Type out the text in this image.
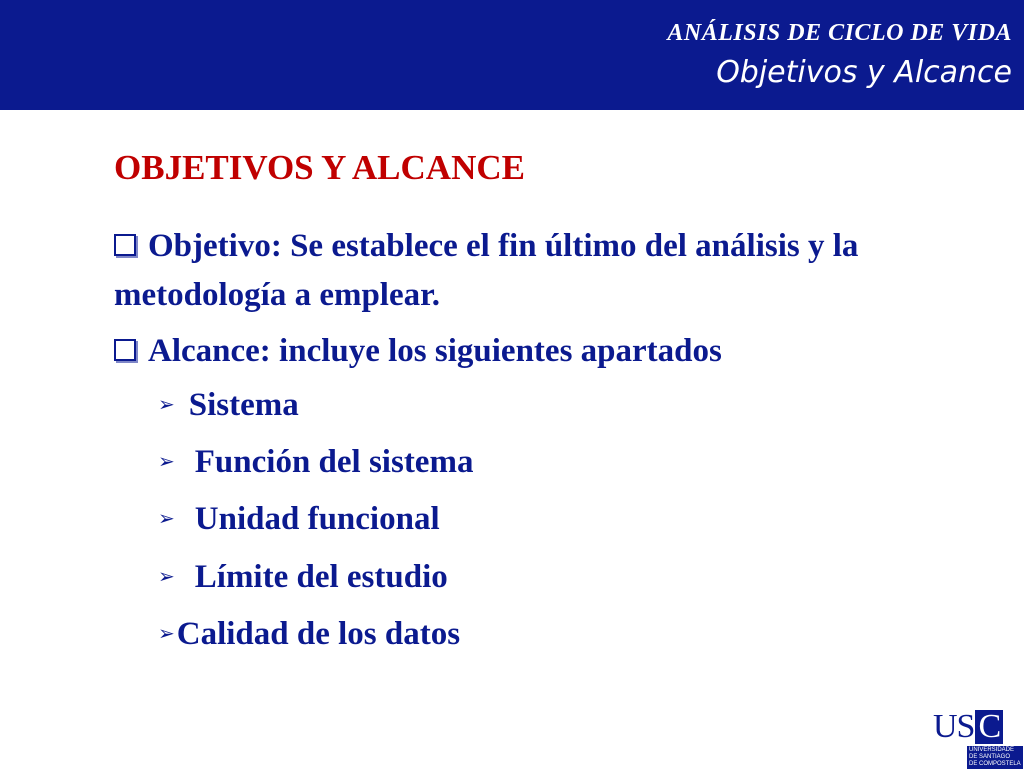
ANÁLISIS DE CICLO DE VIDA
Objetivos y Alcance
OBJETIVOS Y ALCANCE
Objetivo: Se establece el fin último del análisis y la metodología a emplear.
Alcance: incluye los siguientes apartados
➢ Sistema
➢ Función del sistema
➢ Unidad funcional
➢ Límite del estudio
➢Calidad de los datos
US C
UNIVERSIDADE
DE SANTIAGO
DE COMPOSTELA
